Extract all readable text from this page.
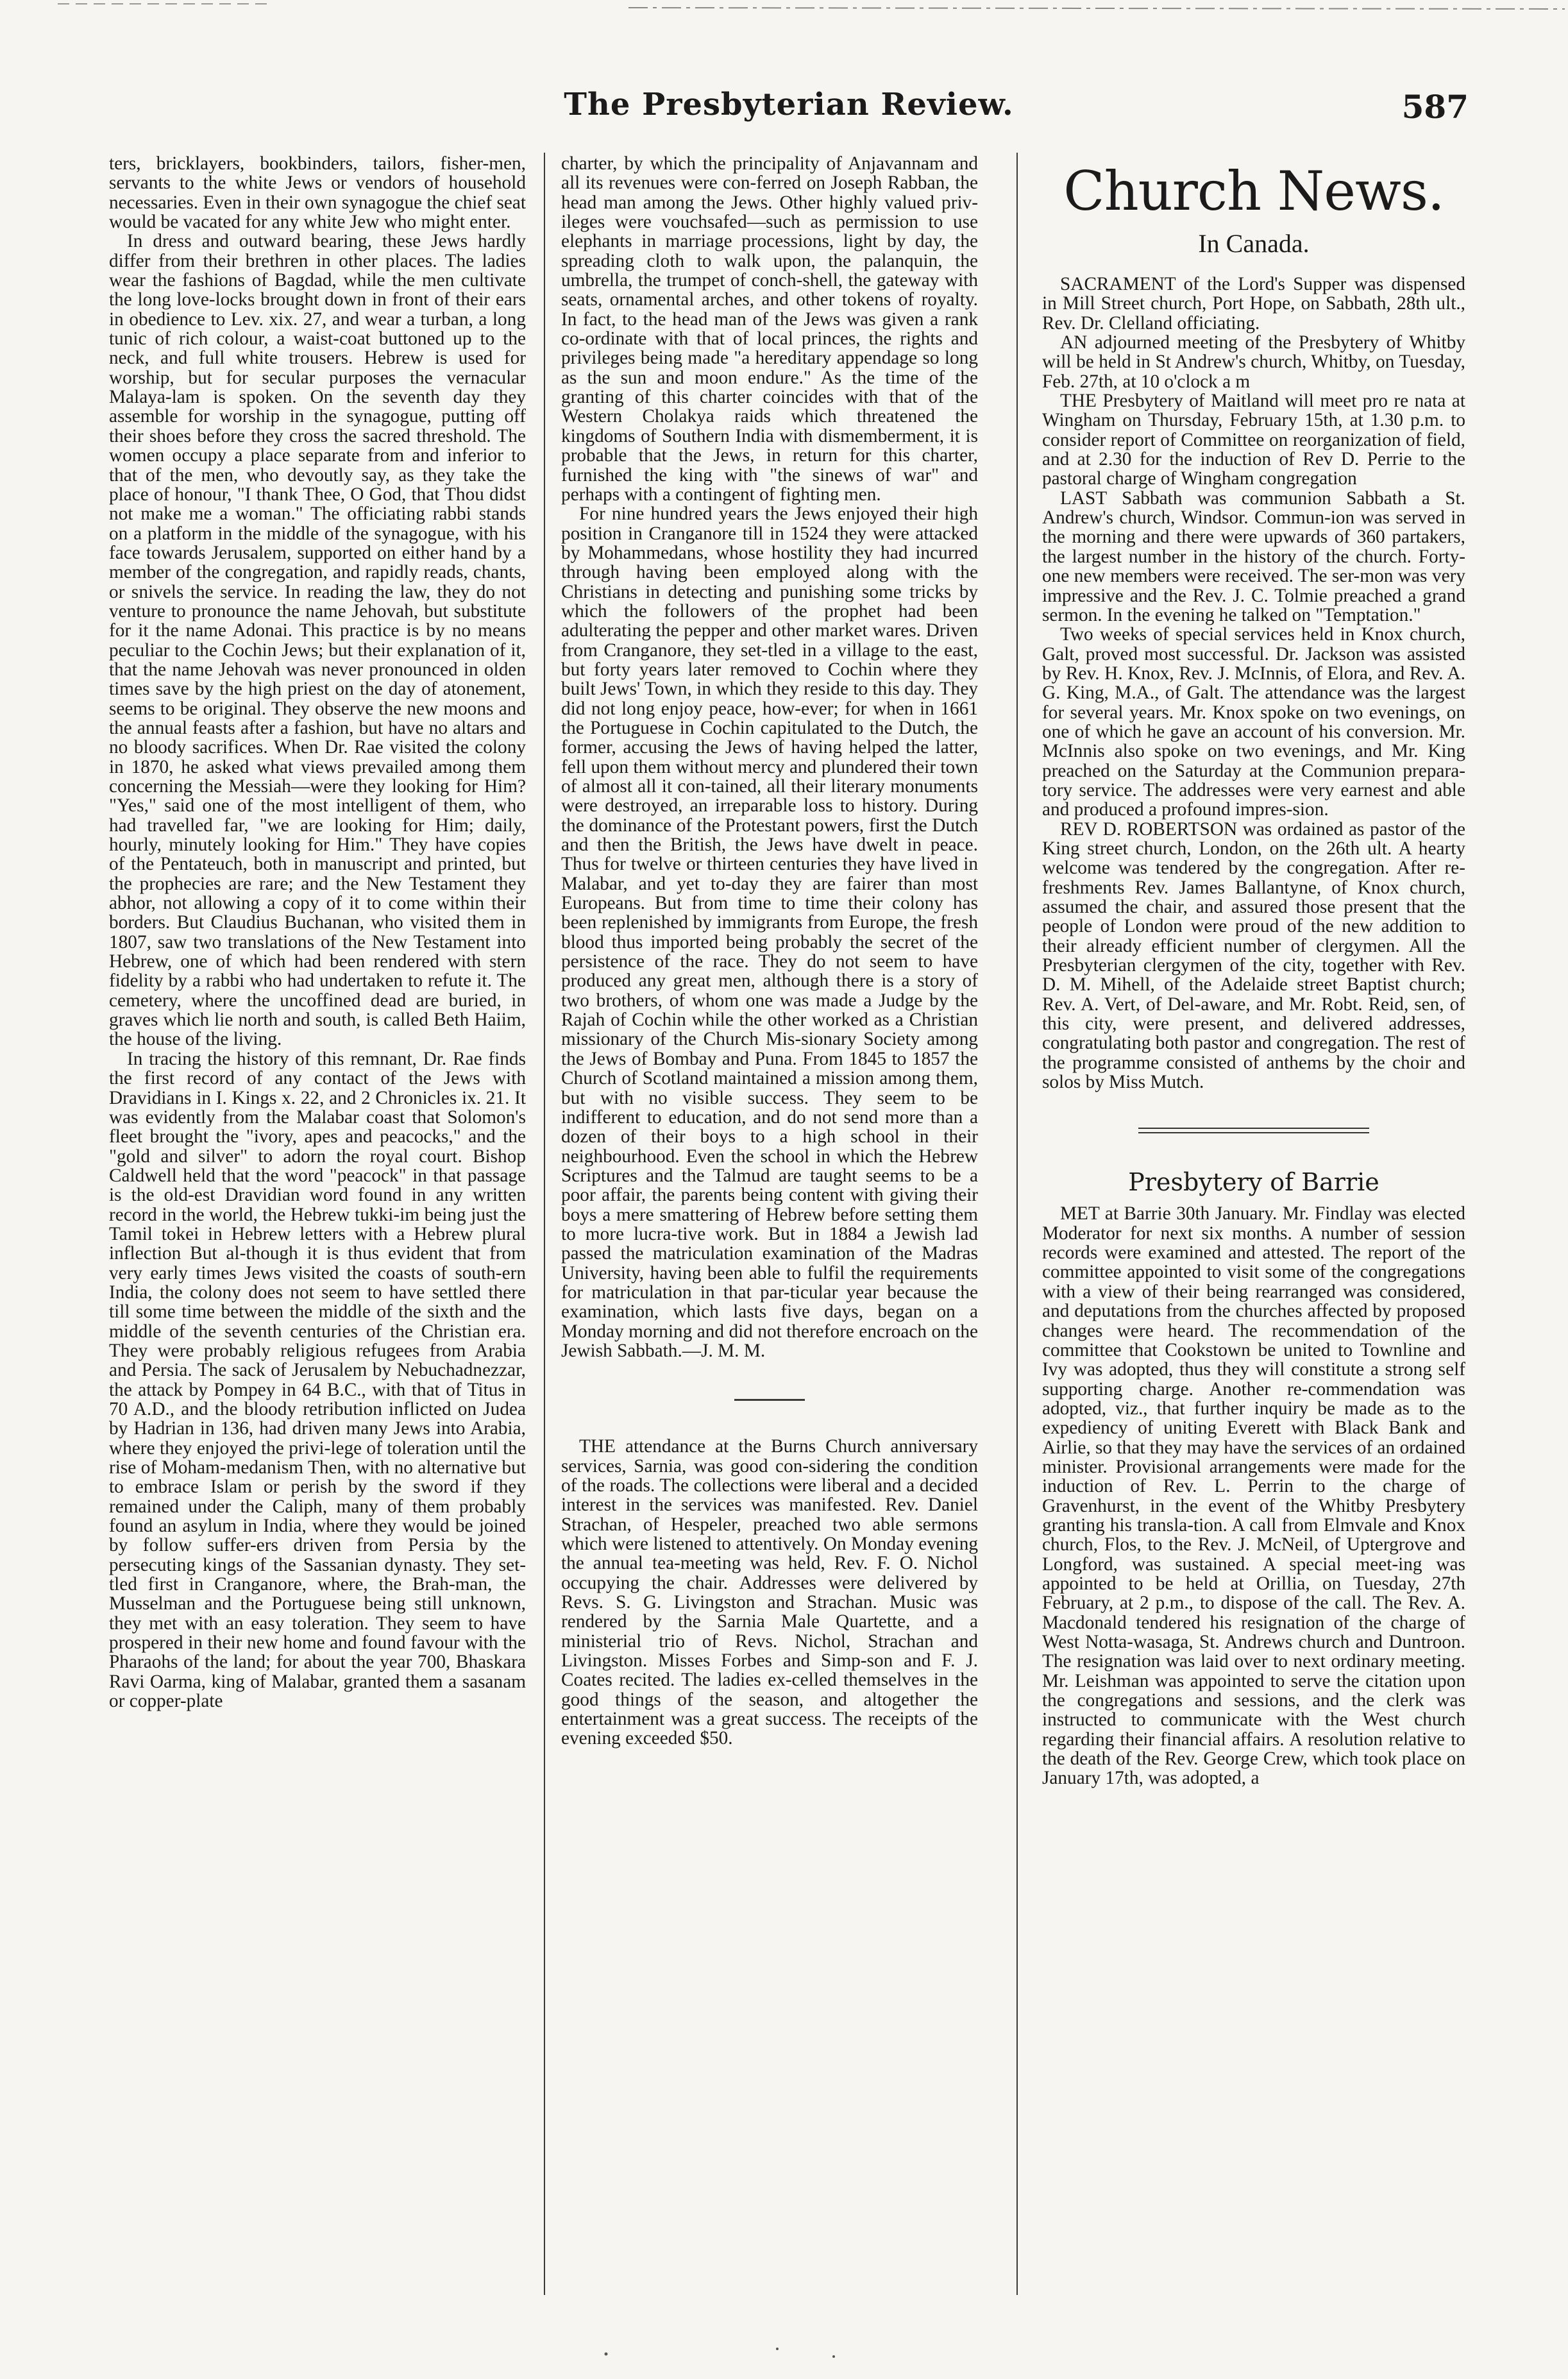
The Presbyterian Review.	587

ters, bricklayers, bookbinders, tailors, fisher-men, servants to the white Jews or vendors of household necessaries. Even in their own synagogue the chief seat would be vacated for any white Jew who might enter.

In dress and outward bearing, these Jews hardly differ from their brethren in other places. The ladies wear the fashions of Bagdad, while the men cultivate the long love-locks brought down in front of their ears in obedience to Lev. xix. 27, and wear a turban, a long tunic of rich colour, a waist-coat buttoned up to the neck, and full white trousers. Hebrew is used for worship, but for secular purposes the vernacular Malaya-lam is spoken. On the seventh day they assemble for worship in the synagogue, putting off their shoes before they cross the sacred threshold. The women occupy a place separate from and inferior to that of the men, who devoutly say, as they take the place of honour, "I thank Thee, O God, that Thou didst not make me a woman." The officiating rabbi stands on a platform in the middle of the synagogue, with his face towards Jerusalem, supported on either hand by a member of the congregation, and rapidly reads, chants, or snivels the service. In reading the law, they do not venture to pronounce the name Jehovah, but substitute for it the name Adonai. This practice is by no means peculiar to the Cochin Jews; but their explanation of it, that the name Jehovah was never pronounced in olden times save by the high priest on the day of atonement, seems to be original. They observe the new moons and the annual feasts after a fashion, but have no altars and no bloody sacrifices. When Dr. Rae visited the colony in 1870, he asked what views prevailed among them concerning the Messiah—were they looking for Him? "Yes," said one of the most intelligent of them, who had travelled far, "we are looking for Him; daily, hourly, minutely looking for Him." They have copies of the Pentateuch, both in manuscript and printed, but the prophecies are rare; and the New Testament they abhor, not allowing a copy of it to come within their borders. But Claudius Buchanan, who visited them in 1807, saw two translations of the New Testament into Hebrew, one of which had been rendered with stern fidelity by a rabbi who had undertaken to refute it. The cemetery, where the uncoffined dead are buried, in graves which lie north and south, is called Beth Haiim, the house of the living.

In tracing the history of this remnant, Dr. Rae finds the first record of any contact of the Jews with Dravidians in I. Kings x. 22, and 2 Chronicles ix. 21. It was evidently from the Malabar coast that Solomon's fleet brought the "ivory, apes and peacocks," and the "gold and silver" to adorn the royal court. Bishop Caldwell held that the word "peacock" in that passage is the old-est Dravidian word found in any written record in the world, the Hebrew tukki-im being just the Tamil tokei in Hebrew letters with a Hebrew plural inflection But al-though it is thus evident that from very early times Jews visited the coasts of south-ern India, the colony does not seem to have settled there till some time between the middle of the sixth and the middle of the seventh centuries of the Christian era. They were probably religious refugees from Arabia and Persia. The sack of Jerusalem by Nebuchadnezzar, the attack by Pompey in 64 B.C., with that of Titus in 70 A.D., and the bloody retribution inflicted on Judea by Hadrian in 136, had driven many Jews into Arabia, where they enjoyed the privi-lege of toleration until the rise of Moham-medanism Then, with no alternative but to embrace Islam or perish by the sword if they remained under the Caliph, many of them probably found an asylum in India, where they would be joined by follow suffer-ers driven from Persia by the persecuting kings of the Sassanian dynasty. They set-tled first in Cranganore, where, the Brah-man, the Musselman and the Portuguese being still unknown, they met with an easy toleration. They seem to have prospered in their new home and found favour with the Pharaohs of the land; for about the year 700, Bhaskara Ravi Oarma, king of Malabar, granted them a sasanam or copper-plate

charter, by which the principality of Anjavannam and all its revenues were con-ferred on Joseph Rabban, the head man among the Jews. Other highly valued priv-ileges were vouchsafed—such as permission to use elephants in marriage processions, light by day, the spreading cloth to walk upon, the palanquin, the umbrella, the trumpet of conch-shell, the gateway with seats, ornamental arches, and other tokens of royalty. In fact, to the head man of the Jews was given a rank co-ordinate with that of local princes, the rights and privileges being made "a hereditary appendage so long as the sun and moon endure." As the time of the granting of this charter coincides with that of the Western Cholakya raids which threatened the kingdoms of Southern India with dismemberment, it is probable that the Jews, in return for this charter, furnished the king with "the sinews of war" and perhaps with a contingent of fighting men.

For nine hundred years the Jews enjoyed their high position in Cranganore till in 1524 they were attacked by Mohammedans, whose hostility they had incurred through having been employed along with the Christians in detecting and punishing some tricks by which the followers of the prophet had been adulterating the pepper and other market wares. Driven from Cranganore, they set-tled in a village to the east, but forty years later removed to Cochin where they built Jews' Town, in which they reside to this day. They did not long enjoy peace, how-ever; for when in 1661 the Portuguese in Cochin capitulated to the Dutch, the former, accusing the Jews of having helped the latter, fell upon them without mercy and plundered their town of almost all it con-tained, all their literary monuments were destroyed, an irreparable loss to history. During the dominance of the Protestant powers, first the Dutch and then the British, the Jews have dwelt in peace. Thus for twelve or thirteen centuries they have lived in Malabar, and yet to-day they are fairer than most Europeans. But from time to time their colony has been replenished by immigrants from Europe, the fresh blood thus imported being probably the secret of the persistence of the race. They do not seem to have produced any great men, although there is a story of two brothers, of whom one was made a Judge by the Rajah of Cochin while the other worked as a Christian missionary of the Church Mis-sionary Society among the Jews of Bombay and Puna. From 1845 to 1857 the Church of Scotland maintained a mission among them, but with no visible success. They seem to be indifferent to education, and do not send more than a dozen of their boys to a high school in their neighbourhood. Even the school in which the Hebrew Scriptures and the Talmud are taught seems to be a poor affair, the parents being content with giving their boys a mere smattering of Hebrew before setting them to more lucra-tive work. But in 1884 a Jewish lad passed the matriculation examination of the Madras University, having been able to fulfil the requirements for matriculation in that par-ticular year because the examination, which lasts five days, began on a Monday morning and did not therefore encroach on the Jewish Sabbath.—J. M. M.

THE attendance at the Burns Church anniversary services, Sarnia, was good con-sidering the condition of the roads. The collections were liberal and a decided interest in the services was manifested. Rev. Daniel Strachan, of Hespeler, preached two able sermons which were listened to attentively. On Monday evening the annual tea-meeting was held, Rev. F. O. Nichol occupying the chair. Addresses were delivered by Revs. S. G. Livingston and Strachan. Music was rendered by the Sarnia Male Quartette, and a ministerial trio of Revs. Nichol, Strachan and Livingston. Misses Forbes and Simp-son and F. J. Coates recited. The ladies ex-celled themselves in the good things of the season, and altogether the entertainment was a great success. The receipts of the evening exceeded $50.

Church News.
In Canada.

SACRAMENT of the Lord's Supper was dispensed in Mill Street church, Port Hope, on Sabbath, 28th ult., Rev. Dr. Clelland officiating.

AN adjourned meeting of the Presbytery of Whitby will be held in St Andrew's church, Whitby, on Tuesday, Feb. 27th, at 10 o'clock a m

THE Presbytery of Maitland will meet pro re nata at Wingham on Thursday, February 15th, at 1.30 p.m. to consider report of Committee on reorganization of field, and at 2.30 for the induction of Rev D. Perrie to the pastoral charge of Wingham congregation

LAST Sabbath was communion Sabbath a St. Andrew's church, Windsor. Commun-ion was served in the morning and there were upwards of 360 partakers, the largest number in the history of the church. Forty-one new members were received. The ser-mon was very impressive and the Rev. J. C. Tolmie preached a grand sermon. In the evening he talked on "Temptation."

Two weeks of special services held in Knox church, Galt, proved most successful. Dr. Jackson was assisted by Rev. H. Knox, Rev. J. McInnis, of Elora, and Rev. A. G. King, M.A., of Galt. The attendance was the largest for several years. Mr. Knox spoke on two evenings, on one of which he gave an account of his conversion. Mr. McInnis also spoke on two evenings, and Mr. King preached on the Saturday at the Communion prepara-tory service. The addresses were very earnest and able and produced a profound impres-sion.

REV D. ROBERTSON was ordained as pastor of the King street church, London, on the 26th ult. A hearty welcome was tendered by the congregation. After re-freshments Rev. James Ballantyne, of Knox church, assumed the chair, and assured those present that the people of London were proud of the new addition to their already efficient number of clergymen. All the Presbyterian clergymen of the city, together with Rev. D. M. Mihell, of the Adelaide street Baptist church; Rev. A. Vert, of Del-aware, and Mr. Robt. Reid, sen, of this city, were present, and delivered addresses, congratulating both pastor and congregation. The rest of the programme consisted of anthems by the choir and solos by Miss Mutch.

Presbytery of Barrie

MET at Barrie 30th January. Mr. Findlay was elected Moderator for next six months. A number of session records were examined and attested. The report of the committee appointed to visit some of the congregations with a view of their being rearranged was considered, and deputations from the churches affected by proposed changes were heard. The recommendation of the committee that Cookstown be united to Townline and Ivy was adopted, thus they will constitute a strong self supporting charge. Another re-commendation was adopted, viz., that further inquiry be made as to the expediency of uniting Everett with Black Bank and Airlie, so that they may have the services of an ordained minister. Provisional arrangements were made for the induction of Rev. L. Perrin to the charge of Gravenhurst, in the event of the Whitby Presbytery granting his transla-tion. A call from Elmvale and Knox church, Flos, to the Rev. J. McNeil, of Uptergrove and Longford, was sustained. A special meet-ing was appointed to be held at Orillia, on Tuesday, 27th February, at 2 p.m., to dispose of the call. The Rev. A. Macdonald tendered his resignation of the charge of West Notta-wasaga, St. Andrews church and Duntroon. The resignation was laid over to next ordinary meeting. Mr. Leishman was appointed to serve the citation upon the congregations and sessions, and the clerk was instructed to communicate with the West church regarding their financial affairs. A resolution relative to the death of the Rev. George Crew, which took place on January 17th, was adopted, a
